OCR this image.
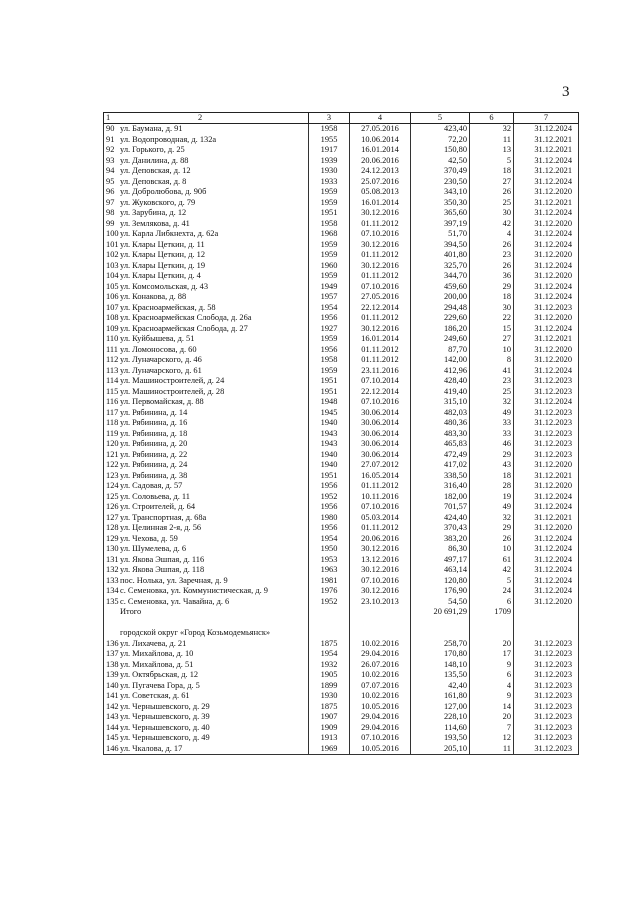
3
1 2	3	4	5	6	7
90 ул. Баумана, д. 91	1958	27.05.2016	423,40	32	31.12.2024
91 ул. Водопроводная, д. 132а	1955	10.06.2014	72,20	11	31.12.2021
92 ул. Горького, д. 25	1917	16.01.2014	150,80	13	31.12.2021
93 ул. Данилина, д. 88	1939	20.06.2016	42,50	5	31.12.2024
94 ул. Деповская, д. 12	1930	24.12.2013	370,49	18	31.12.2021
95 ул. Деповская, д. 8	1933	25.07.2016	230,50	27	31.12.2024
96 ул. Добролюбова, д. 90б	1959	05.08.2013	343,10	26	31.12.2020
97 ул. Жуковского, д. 79	1959	16.01.2014	350,30	25	31.12.2021
98 ул. Зарубина, д. 12	1951	30.12.2016	365,60	30	31.12.2024
99 ул. Землякова, д. 41	1958	01.11.2012	397,19	42	31.12.2020
100ул. Карла Либкнехта, д. 62а	1968	07.10.2016	51,70	4	31.12.2024
101ул. Клары Цеткин, д. 11	1959	30.12.2016	394,50	26	31.12.2024
102ул. Клары Цеткин, д. 12	1959	01.11.2012	401,80	23	31.12.2020
103ул. Клары Цеткин, д. 19	1960	30.12.2016	325,70	26	31.12.2024
104ул. Клары Цеткин, д. 4	1959	01.11.2012	344,70	36	31.12.2020
105ул. Комсомольская, д. 43	1949	07.10.2016	459,60	29	31.12.2024
106ул. Конакова, д. 88	1957	27.05.2016	200,00	18	31.12.2024
107ул. Красноармейская, д. 58	1954	22.12.2014	294,48	30	31.12.2023
108ул. Красноармейская Слобода, д. 26а	1956	01.11.2012	229,60	22	31.12.2020
109ул. Красноармейская Слобода, д. 27	1927	30.12.2016	186,20	15	31.12.2024
110 ул. Куйбышева, д. 51	1959	16.01.2014	249,60	27	31.12.2021
111 ул. Ломоносова, д. 60	1956	01.11.2012	87,70	10	31.12.2020
112 ул. Луначарского, д. 46	1958	01.11.2012	142,00	8	31.12.2020
113 ул. Луначарского, д. 61	1959	23.11.2016	412,96	41	31.12.2024
114 ул. Машиностроителей, д. 24	1951	07.10.2014	428,40	23	31.12.2023
115 ул. Машиностроителей, д. 28	1951	22.12.2014	419,40	25	31.12.2023
116 ул. Первомайская, д. 88	1948	07.10.2016	315,10	32	31.12.2024
117 ул. Рябинина, д. 14	1945	30.06.2014	482,03	49	31.12.2023
118 ул. Рябинина, д. 16	1940	30.06.2014	480,36	33	31.12.2023
119 ул. Рябинина, д. 18	1943	30.06.2014	483,30	33	31.12.2023
120ул. Рябинина, д. 20	1943	30.06.2014	465,83	46	31.12.2023
121ул. Рябинина, д. 22	1940	30.06.2014	472,49	29	31.12.2023
122ул. Рябинина, д. 24	1940	27.07.2012	417,02	43	31.12.2020
123ул. Рябинина, д. 38	1951	16.05.2014	338,50	18	31.12.2021
124ул. Садовая, д. 57	1956	01.11.2012	316,40	28	31.12.2020
125ул. Соловьева, д. 11	1952	10.11.2016	182,00	19	31.12.2024
126ул. Строителей, д. 64	1956	07.10.2016	701,57	49	31.12.2024
127ул. Транспортная, д. 68а	1980	05.03.2014	424,40	32	31.12.2021
128ул. Целинная 2-я, д. 56	1956	01.11.2012	370,43	29	31.12.2020
129ул. Чехова, д. 59	1954	20.06.2016	383,20	26	31.12.2024
130ул. Шумелева, д. 6	1950	30.12.2016	86,30	10	31.12.2024
131ул. Якова Эшпая, д. 116	1953	13.12.2016	497,17	61	31.12.2024
132ул. Якова Эшпая, д. 118	1963	30.12.2016	463,14	42	31.12.2024
133пос. Нолька, ул. Заречная, д. 9	1981	07.10.2016	120,80	5	31.12.2024
134с. Семеновка, ул. Коммунистическая, д. 9	1976	30.12.2016	176,90	24	31.12.2024
135с. Семеновка, ул. Чавайна, д. 6	1952	23.10.2013	54,50	6	31.12.2020
Итого			20 691,29	1709	

городской округ «Город Козьмодемьянск»					
136ул. Лихачева, д. 21	1875	10.02.2016	258,70	20	31.12.2023
137ул. Михайлова, д. 10	1954	29.04.2016	170,80	17	31.12.2023
138ул. Михайлова, д. 51	1932	26.07.2016	148,10	9	31.12.2023
139ул. Октябрьская, д. 12	1905	10.02.2016	135,50	6	31.12.2023
140ул. Пугачева Гора, д. 5	1899	07.07.2016	42,40	4	31.12.2023
141ул. Советская, д. 61	1930	10.02.2016	161,80	9	31.12.2023
142ул. Чернышевского, д. 29	1875	10.05.2016	127,00	14	31.12.2023
143ул. Чернышевского, д. 39	1907	29.04.2016	228,10	20	31.12.2023
144ул. Чернышевского, д. 40	1909	29.04.2016	114,60	7	31.12.2023
145ул. Чернышевского, д. 49	1913	07.10.2016	193,50	12	31.12.2023
146ул. Чкалова, д. 17	1969	10.05.2016	205,10	11	31.12.2023
